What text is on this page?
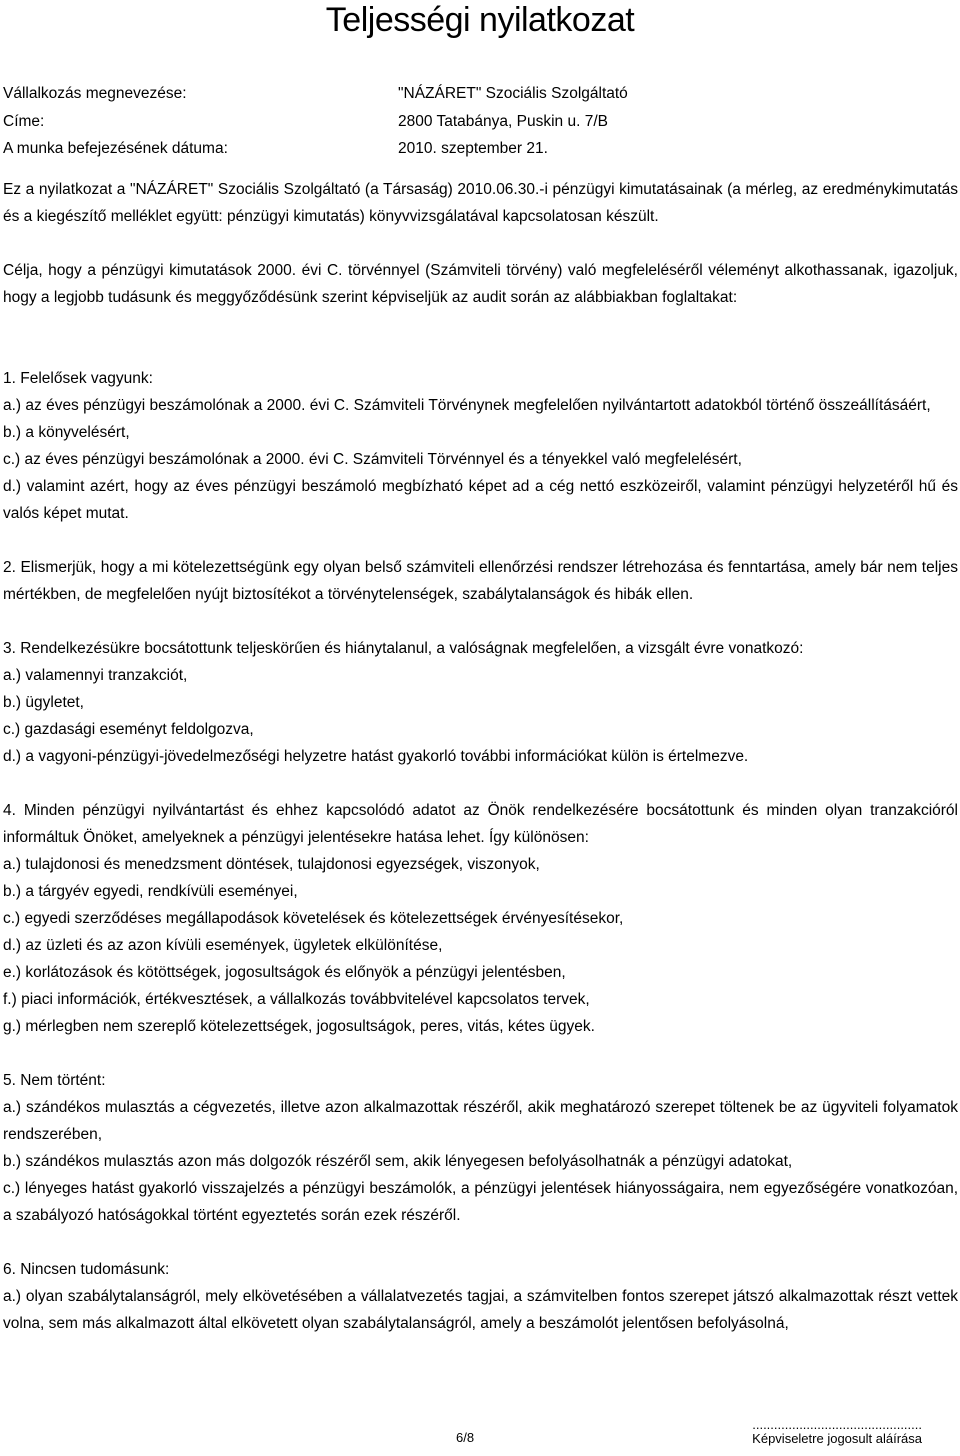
Teljességi nyilatkozat
Vállalkozás megnevezése:	"NÁZÁRET" Szociális Szolgáltató
Címe:	2800 Tatabánya, Puskin u. 7/B
A munka befejezésének dátuma:	2010. szeptember 21.

Ez a nyilatkozat a "NÁZÁRET" Szociális Szolgáltató (a Társaság) 2010.06.30.-i pénzügyi kimutatásainak (a mérleg, az eredménykimutatás és a kiegészítő melléklet együtt: pénzügyi kimutatás) könyvvizsgálatával kapcsolatosan készült.

Célja, hogy a pénzügyi kimutatások 2000. évi C. törvénnyel (Számviteli törvény) való megfeleléséről véleményt alkothassanak, igazoljuk, hogy a legjobb tudásunk és meggyőződésünk szerint képviseljük az audit során az alábbiakban foglaltakat:

1. Felelősek vagyunk:

a.) az éves pénzügyi beszámolónak a 2000. évi C. Számviteli Törvénynek megfelelően nyilvántartott adatokból történő összeállításáért,

b.) a könyvelésért,

c.) az éves pénzügyi beszámolónak a 2000. évi C. Számviteli Törvénnyel és a tényekkel való megfelelésért,

d.) valamint azért, hogy az éves pénzügyi beszámoló megbízható képet ad a cég nettó eszközeiről, valamint pénzügyi helyzetéről hű és valós képet mutat.

2. Elismerjük, hogy a mi kötelezettségünk egy olyan belső számviteli ellenőrzési rendszer létrehozása és fenntartása, amely bár nem teljes mértékben, de megfelelően nyújt biztosítékot a törvénytelenségek, szabálytalanságok és hibák ellen.

3. Rendelkezésükre bocsátottunk teljeskörűen és hiánytalanul, a valóságnak megfelelően, a vizsgált évre vonatkozó:

a.) valamennyi tranzakciót,

b.) ügyletet,

c.) gazdasági eseményt feldolgozva,

d.) a vagyoni-pénzügyi-jövedelmezőségi helyzetre hatást gyakorló további információkat külön is értelmezve.

4. Minden pénzügyi nyilvántartást és ehhez kapcsolódó adatot az Önök rendelkezésére bocsátottunk és minden olyan tranzakcióról informáltuk Önöket, amelyeknek a pénzügyi jelentésekre hatása lehet. Így különösen:

a.) tulajdonosi és menedzsment döntések, tulajdonosi egyezségek, viszonyok,

b.) a tárgyév egyedi, rendkívüli eseményei,

c.) egyedi szerződéses megállapodások követelések és kötelezettségek érvényesítésekor,

d.) az üzleti és az azon kívüli események, ügyletek elkülönítése,

e.) korlátozások és kötöttségek, jogosultságok és előnyök a pénzügyi jelentésben,

f.) piaci információk, értékvesztések, a vállalkozás továbbvitelével kapcsolatos tervek,

g.) mérlegben nem szereplő kötelezettségek, jogosultságok, peres, vitás, kétes ügyek.

5. Nem történt:

a.) szándékos mulasztás a cégvezetés, illetve azon alkalmazottak részéről, akik meghatározó szerepet töltenek be az ügyviteli folyamatok rendszerében,

b.) szándékos mulasztás azon más dolgozók részéről sem, akik lényegesen befolyásolhatnák a pénzügyi adatokat,

c.) lényeges hatást gyakorló visszajelzés a pénzügyi beszámolók, a pénzügyi jelentések hiányosságaira, nem egyezőségére vonatkozóan, a szabályozó hatóságokkal történt egyeztetés során ezek részéről.

6. Nincsen tudomásunk:

a.) olyan szabálytalanságról, mely elkövetésében a vállalatvezetés tagjai, a számvitelben fontos szerepet játszó alkalmazottak részt vettek volna, sem más alkalmazott által elkövetett olyan szabálytalanságról, amely a beszámolót jelentősen befolyásolná,

6/8
...............................................
Képviseletre jogosult aláírása
